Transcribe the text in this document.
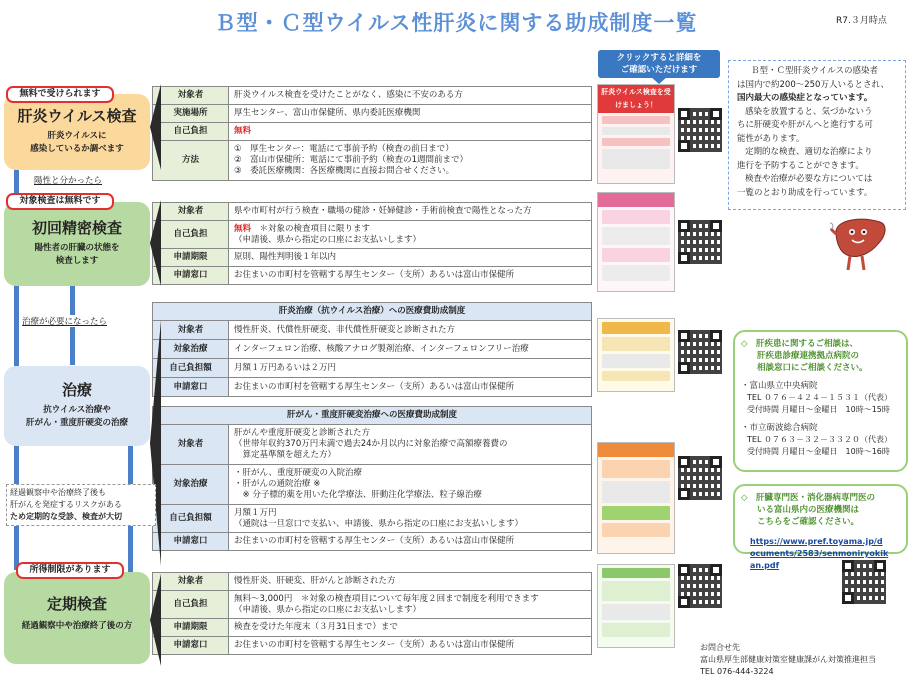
Ｂ型・Ｃ型ウイルス性肝炎に関する助成制度一覧	R7.３月時点
無料で受けられます
肝炎ウイルス検査
肝炎ウイルスに
感染しているか調べます
陽性と分かったら
対象検査は無料です
初回精密検査
陽性者の肝臓の状態を
検査します
治療が必要になったら
治療
抗ウイルス治療や
肝がん・重度肝硬変の治療
経過観察中や治療終了後も
肝がんを発症するリスクがある
ため定期的な受診、検査が大切
所得制限があります
定期検査
経過観察中や治療終了後の方
対象者	肝炎ウイルス検査を受けたことがなく、感染に不安のある方
実施場所	厚生センター、富山市保健所、県内委託医療機関
自己負担	無料
方法	①　厚生センター：電話にて事前予約（検査の前日まで）
②　富山市保健所：電話にて事前予約（検査の1週間前まで）
③　委託医療機関：各医療機関に直接お問合せください。
対象者	県や市町村が行う検査・職場の健診・妊婦健診・手術前検査で陽性となった方
自己負担	無料　＊対象の検査項目に限ります
（申請後、県から指定の口座にお支払いします）

申請期限	原則、陽性判明後１年以内
申請窓口	お住まいの市町村を管轄する厚生センター（支所）あるいは富山市保健所
肝炎治療（抗ウイルス治療）への医療費助成制度	
対象者	慢性肝炎、代償性肝硬変、非代償性肝硬変と診断された方
対象治療	インターフェロン治療、核酸アナログ製剤治療、インターフェロンフリー治療
自己負担額	月額１万円あるいは２万円
申請窓口	お住まいの市町村を管轄する厚生センター（支所）あるいは富山市保健所
肝がん・重度肝硬変治療への医療費助成制度	
対象者	肝がんや重度肝硬変と診断された方
（世帯年収約370万円未満で過去24か月以内に対象治療で高額療養費の
　算定基準額を超えた方）

対象治療	・肝がん、重度肝硬変の入院治療
・肝がんの通院治療 ※
　※ 分子標的薬を用いた化学療法、肝動注化学療法、粒子線治療

自己負担額	月額１万円
（通院は一旦窓口で支払い、申請後、県から指定の口座にお支払いします）

申請窓口	お住まいの市町村を管轄する厚生センター（支所）あるいは富山市保健所
対象者	慢性肝炎、肝硬変、肝がんと診断された方
自己負担	無料～3,000円　＊対象の検査項目について毎年度２回まで制度を利用できます
（申請後、県から指定の口座にお支払いします）

申請期限	検査を受けた年度末（３月31日まで）まで
申請窓口	お住まいの市町村を管轄する厚生センター（支所）あるいは富山市保健所
クリックすると詳細を
ご確認いただけます
肝炎ウイルス検査を受けましょう！
Ｂ型・Ｃ型肝炎ウイルスの感染者
は国内で約200～250万人いるとされ、
国内最大の感染症となっています。
感染を放置すると、気づかないう
ちに肝硬変や肝がんへと進行する可
能性があります。
定期的な検査、適切な治療により
進行を予防することができます。
検査や治療が必要な方については
一覧のとおり助成を行っています。
◇　肝疾患に関するご相談は、
肝疾患診療連携拠点病院の
相談窓口にご相談ください。
・富山県立中央病院
TEL ０７６－４２４－１５３１（代表）
受付時間 月曜日～金曜日　10時～15時
・市立砺波総合病院
TEL ０７６３－３２－３３２０（代表）
受付時間 月曜日～金曜日　10時～16時
◇　肝臓専門医・消化器病専門医の
いる富山県内の医療機関は
こちらをご確認ください。
https://www.pref.toyama.jp/d
ocuments/2583/senmoniryokik
an.pdf
お問合せ先
富山県厚生部健康対策室健康課がん対策推進担当
TEL 076-444-3224
